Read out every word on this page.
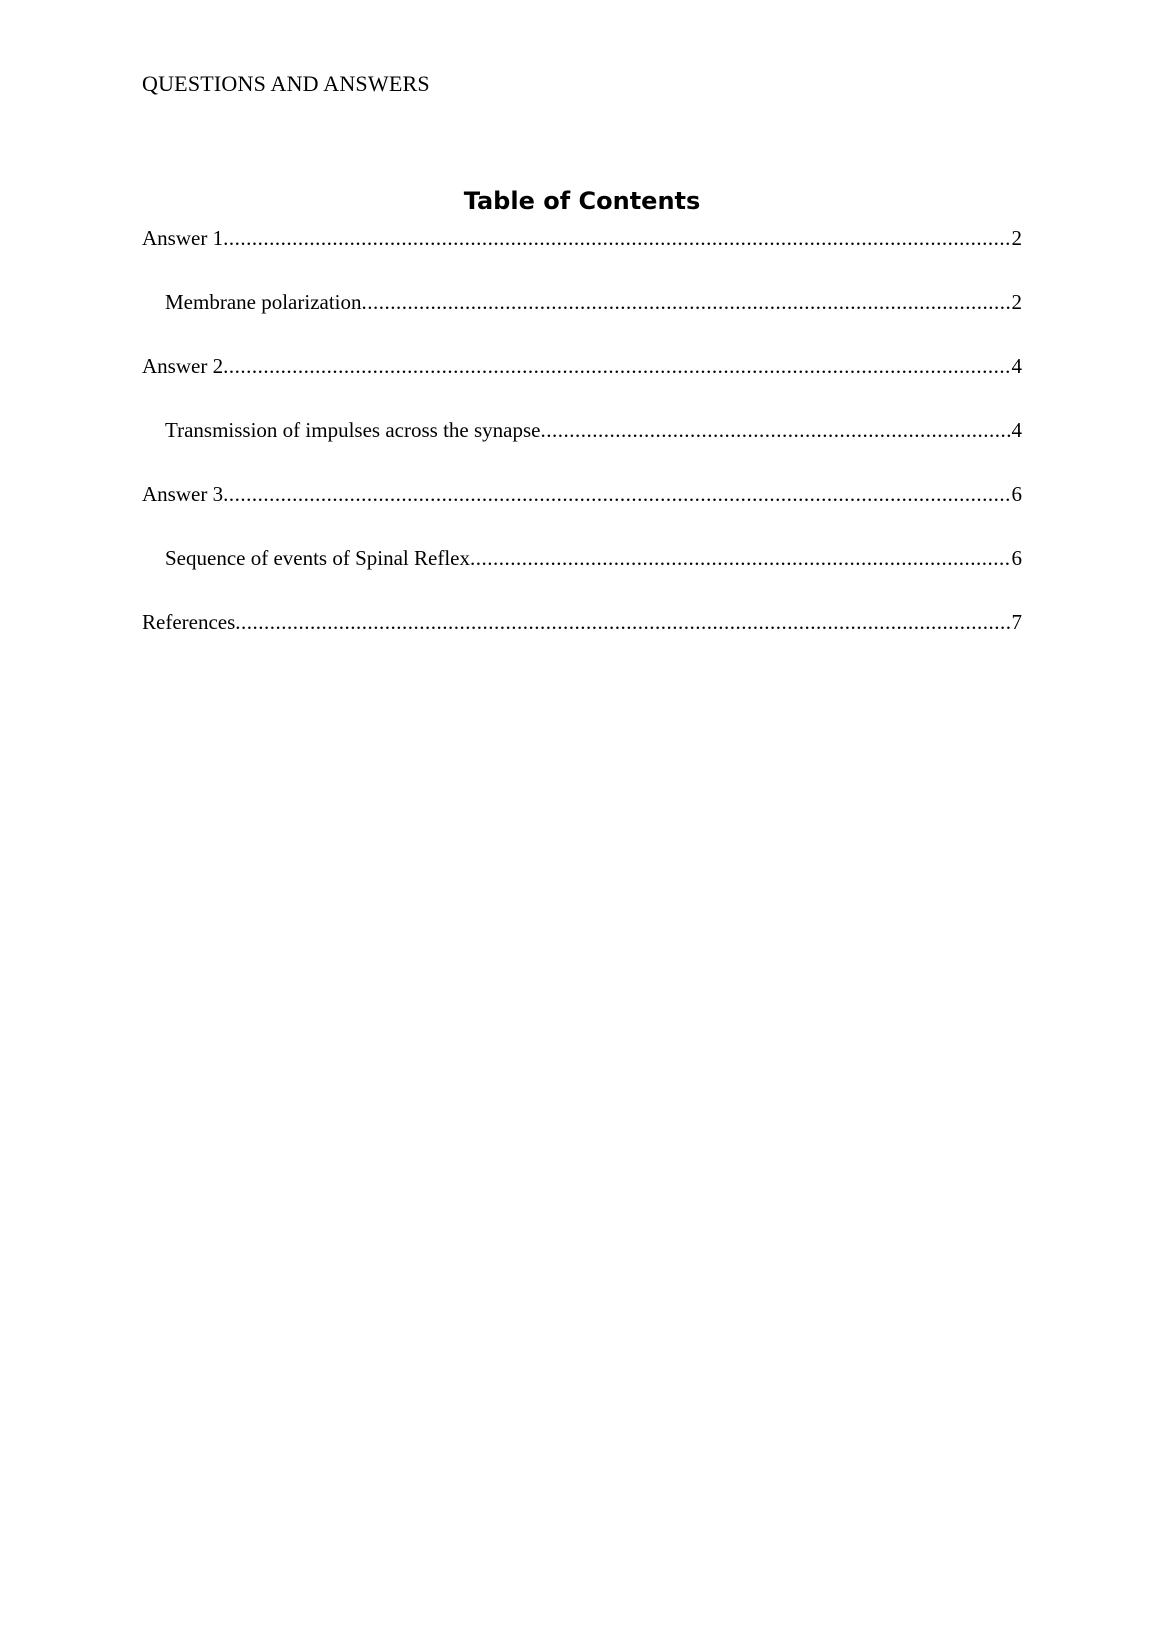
QUESTIONS AND ANSWERS
Table of Contents
Answer 1 .....	2
Membrane polarization .....	2
Answer 2 .....	4
Transmission of impulses across the synapse .....	4
Answer 3 .....	6
Sequence of events of Spinal Reflex .....	6
References .....	7
